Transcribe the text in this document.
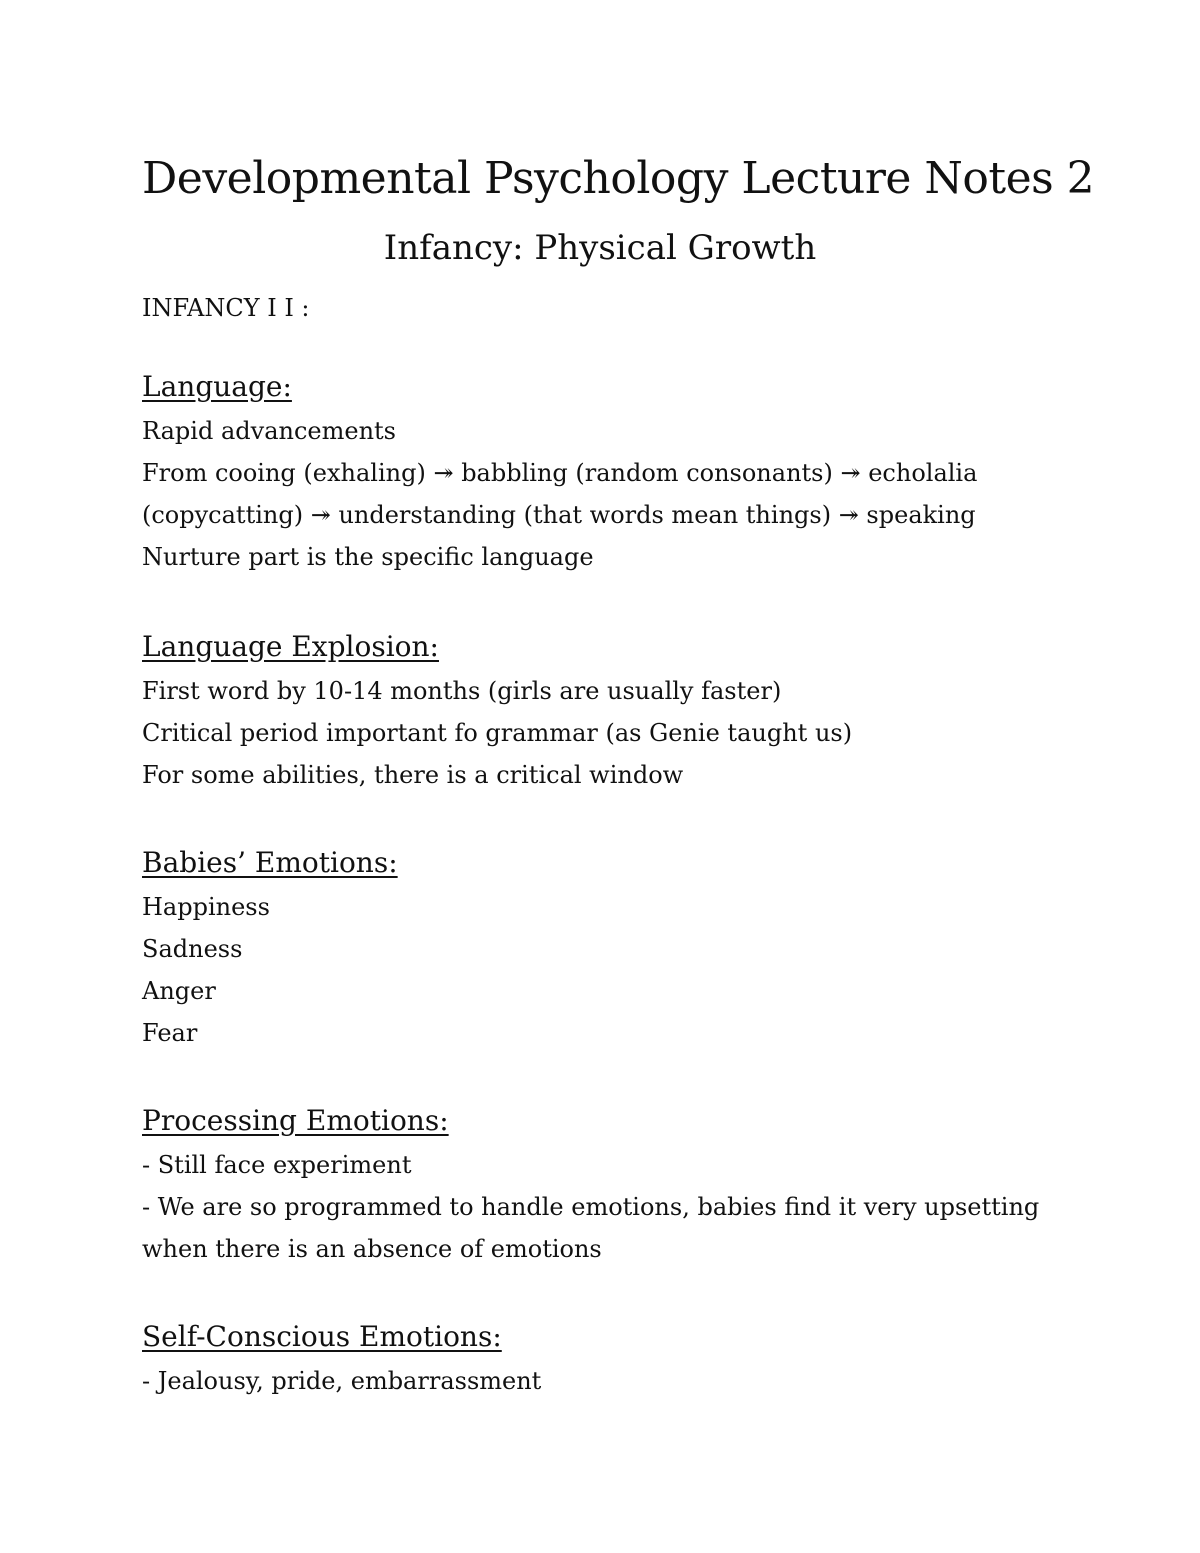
Developmental Psychology Lecture Notes 2
Infancy: Physical Growth
INFANCY I I :
Language:
Rapid advancements
From cooing (exhaling) ↠ babbling (random consonants) ↠ echolalia
(copycatting) ↠ understanding (that words mean things) ↠ speaking
Nurture part is the specific language
Language Explosion:
First word by 10-14 months (girls are usually faster)
Critical period important fo grammar (as Genie taught us)
For some abilities, there is a critical window
Babies’ Emotions:
Happiness
Sadness
Anger
Fear
Processing Emotions:
- Still face experiment
- We are so programmed to handle emotions, babies find it very upsetting
when there is an absence of emotions
Self-Conscious Emotions:
- Jealousy, pride, embarrassment
